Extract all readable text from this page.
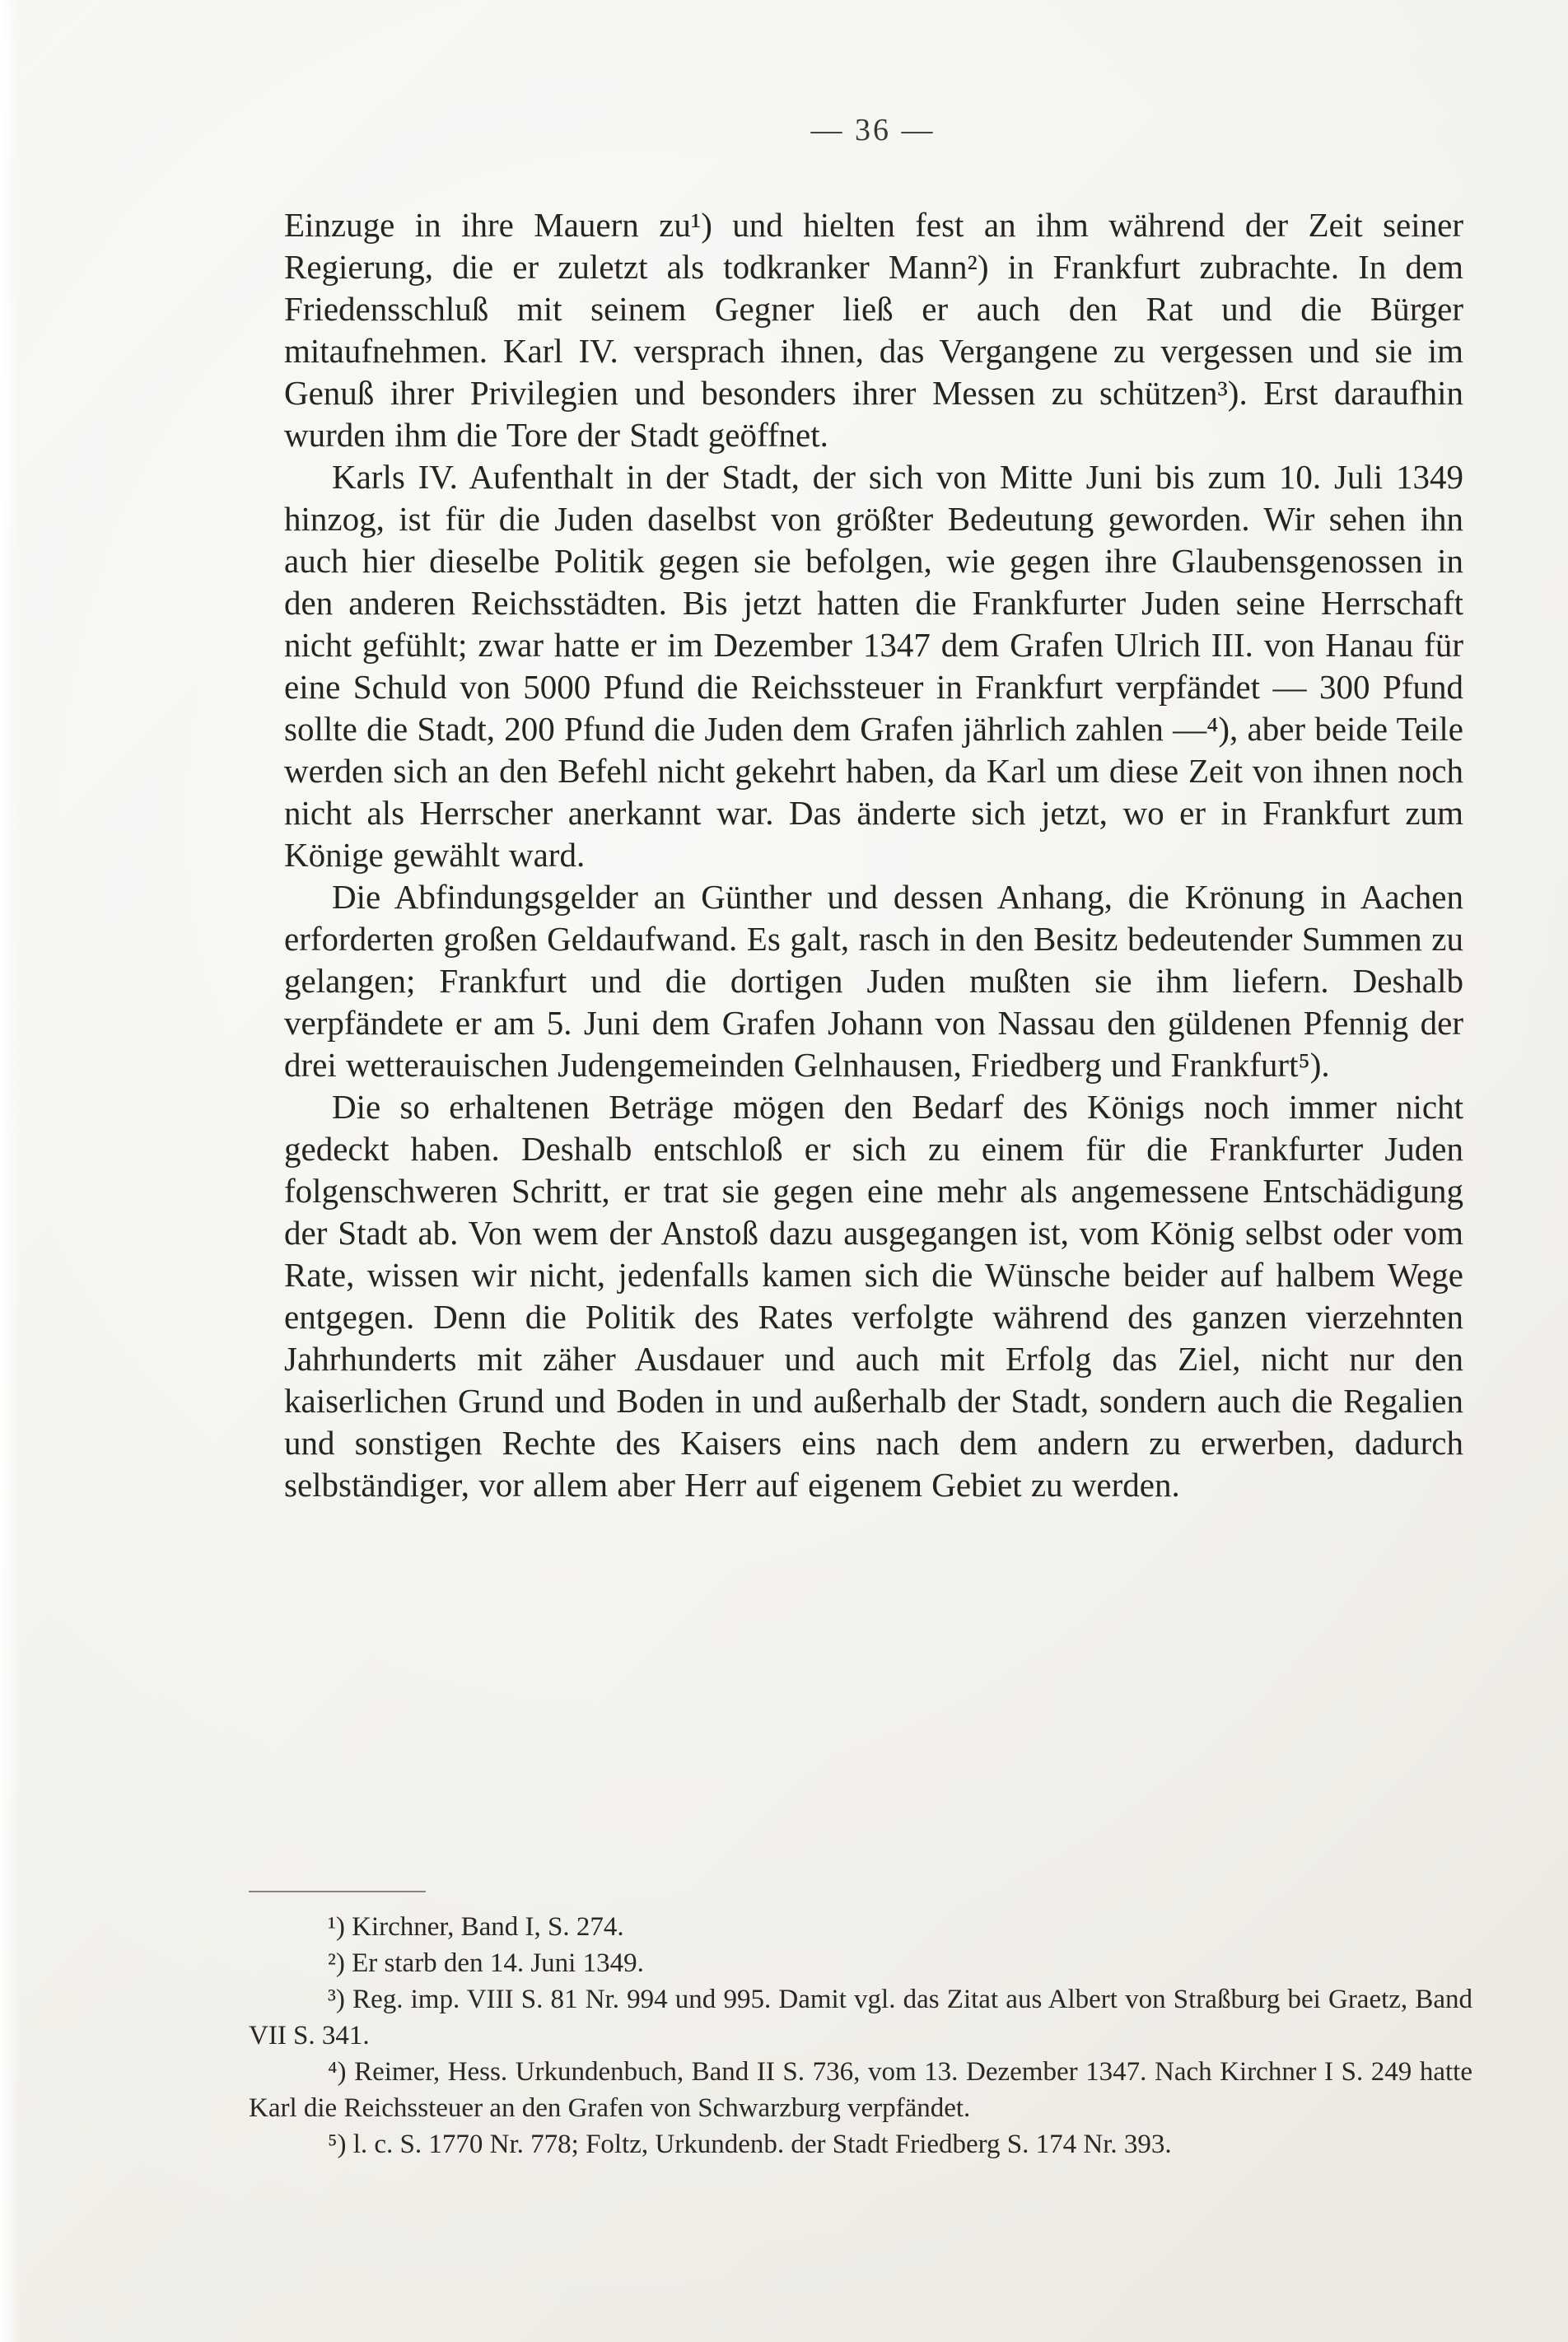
— 36 —

Einzuge in ihre Mauern zu¹) und hielten fest an ihm während der Zeit seiner Regierung, die er zuletzt als todkranker Mann²) in Frankfurt zubrachte. In dem Friedensschluß mit seinem Gegner ließ er auch den Rat und die Bürger mitaufnehmen. Karl IV. versprach ihnen, das Vergangene zu vergessen und sie im Genuß ihrer Privilegien und besonders ihrer Messen zu schützen³). Erst daraufhin wurden ihm die Tore der Stadt geöffnet.

Karls IV. Aufenthalt in der Stadt, der sich von Mitte Juni bis zum 10. Juli 1349 hinzog, ist für die Juden daselbst von größter Bedeutung geworden. Wir sehen ihn auch hier dieselbe Politik gegen sie befolgen, wie gegen ihre Glaubensgenossen in den anderen Reichsstädten. Bis jetzt hatten die Frankfurter Juden seine Herrschaft nicht gefühlt; zwar hatte er im Dezember 1347 dem Grafen Ulrich III. von Hanau für eine Schuld von 5000 Pfund die Reichssteuer in Frankfurt verpfändet — 300 Pfund sollte die Stadt, 200 Pfund die Juden dem Grafen jährlich zahlen —⁴), aber beide Teile werden sich an den Befehl nicht gekehrt haben, da Karl um diese Zeit von ihnen noch nicht als Herrscher anerkannt war. Das änderte sich jetzt, wo er in Frankfurt zum Könige gewählt ward.

Die Abfindungsgelder an Günther und dessen Anhang, die Krönung in Aachen erforderten großen Geldaufwand. Es galt, rasch in den Besitz bedeutender Summen zu gelangen; Frankfurt und die dortigen Juden mußten sie ihm liefern. Deshalb verpfändete er am 5. Juni dem Grafen Johann von Nassau den güldenen Pfennig der drei wetterauischen Judengemeinden Gelnhausen, Friedberg und Frankfurt⁵).

Die so erhaltenen Beträge mögen den Bedarf des Königs noch immer nicht gedeckt haben. Deshalb entschloß er sich zu einem für die Frankfurter Juden folgenschweren Schritt, er trat sie gegen eine mehr als angemessene Entschädigung der Stadt ab. Von wem der Anstoß dazu ausgegangen ist, vom König selbst oder vom Rate, wissen wir nicht, jedenfalls kamen sich die Wünsche beider auf halbem Wege entgegen. Denn die Politik des Rates verfolgte während des ganzen vierzehnten Jahrhunderts mit zäher Ausdauer und auch mit Erfolg das Ziel, nicht nur den kaiserlichen Grund und Boden in und außerhalb der Stadt, sondern auch die Regalien und sonstigen Rechte des Kaisers eins nach dem andern zu erwerben, dadurch selbständiger, vor allem aber Herr auf eigenem Gebiet zu werden.

¹) Kirchner, Band I, S. 274.

²) Er starb den 14. Juni 1349.

³) Reg. imp. VIII S. 81 Nr. 994 und 995. Damit vgl. das Zitat aus Albert von Straßburg bei Graetz, Band VII S. 341.

⁴) Reimer, Hess. Urkundenbuch, Band II S. 736, vom 13. Dezember 1347. Nach Kirchner I S. 249 hatte Karl die Reichssteuer an den Grafen von Schwarzburg verpfändet.

⁵) l. c. S. 1770 Nr. 778; Foltz, Urkundenb. der Stadt Friedberg S. 174 Nr. 393.
